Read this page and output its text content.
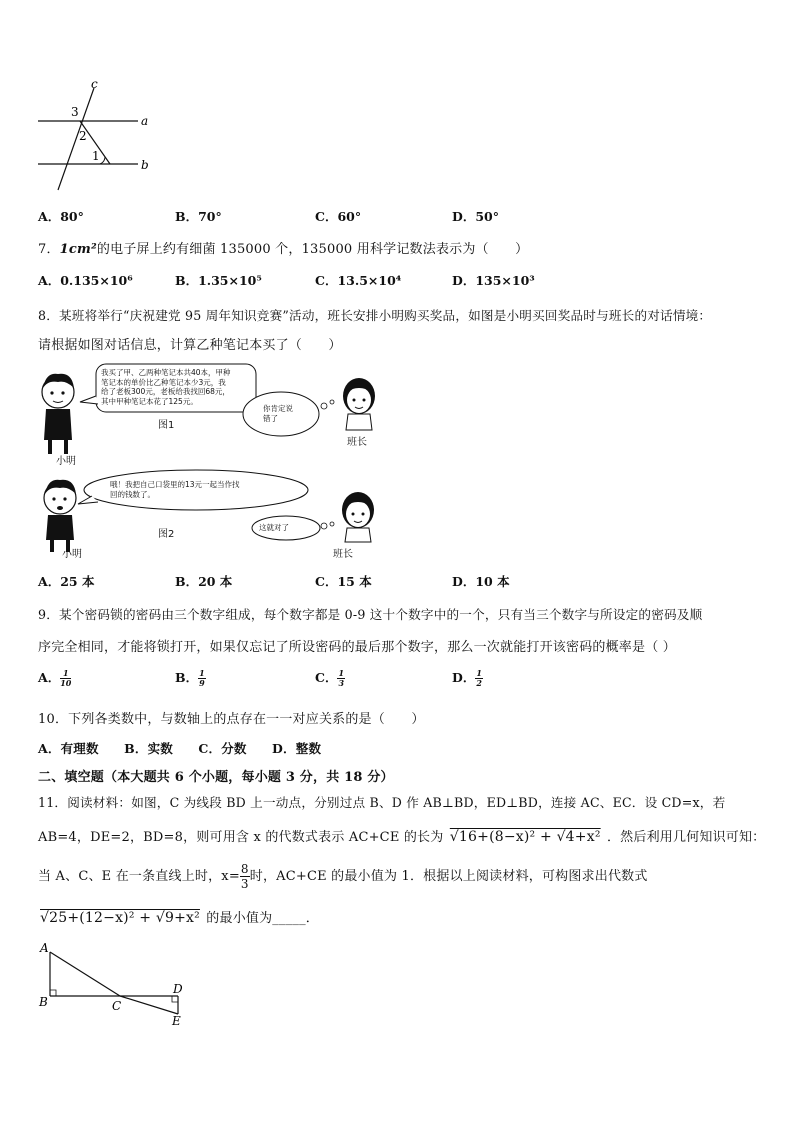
c
a
b
3
2
1
A．80°	B．70°	C．60°	D．50°
7．1cm²的电子屏上约有细菌 135000 个，135000 用科学记数法表示为（　　）
A．0.135×10⁶	B．1.35×10⁵	C．13.5×10⁴	D．135×10³
8．某班将举行“庆祝建党 95 周年知识竞赛”活动，班长安排小明购买奖品，如图是小明买回奖品时与班长的对话情境：
请根据如图对话信息，计算乙种笔记本买了（　　）
我买了甲、乙两种笔记本共40本，甲种
笔记本的单价比乙种笔记本少3元，我
给了老板300元，老板给我找回68元，
其中甲种笔记本花了125元。
你肯定说
错了
图1
小明
班长
哦！我把自己口袋里的13元一起当作找
回的钱数了。
这就对了
图2
小明	班长
A．25 本	B．20 本	C．15 本	D．10 本
9．某个密码锁的密码由三个数字组成，每个数字都是 0-9 这十个数字中的一个，只有当三个数字与所设定的密码及顺
序完全相同，才能将锁打开，如果仅忘记了所设密码的最后那个数字，那么一次就能打开该密码的概率是（ ）
A． $\frac{1}{10}$	B． $\frac{1}{9}$	C． $\frac{1}{3}$	D． $\frac{1}{2}$
10．下列各类数中，与数轴上的点存在一一对应关系的是（　　）
A．有理数　　B．实数　　C．分数　　D．整数
二、填空题（本大题共 6 个小题，每小题 3 分，共 18 分）
11．阅读材料：如图，C 为线段 BD 上一动点，分别过点 B、D 作 AB⊥BD，ED⊥BD，连接 AC、EC．设 CD=x，若
AB=4，DE=2，BD=8，则可用含 x 的代数式表示 AC+CE 的长为 √16+(8−x)² + √4+x² ．然后利用几何知识可知：
当 A、C、E 在一条直线上时，$x= \frac{8}{3}$ 时，AC+CE 的最小值为 1．根据以上阅读材料，可构图求出代数式
√25+(12−x)² + √9+x² 的最小值为_____．
A
B	C
D
E
